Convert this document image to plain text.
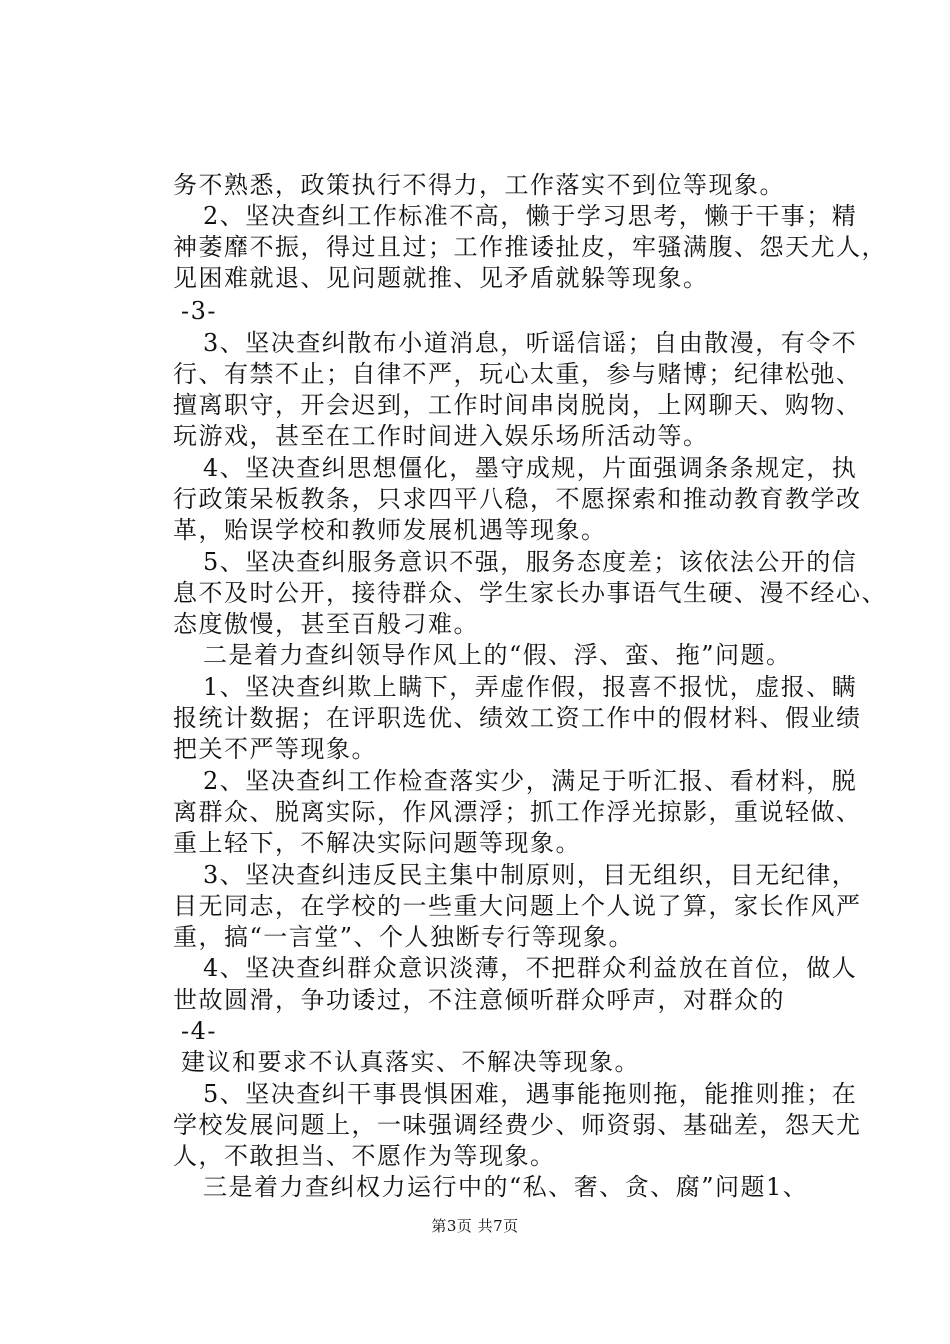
务不熟悉，政策执行不得力，工作落实不到位等现象。
2、坚决查纠工作标准不高，懒于学习思考，懒于干事；精
神萎靡不振，得过且过；工作推诿扯皮，牢骚满腹、怨天尤人，
见困难就退、见问题就推、见矛盾就躲等现象。
-3-
3、坚决查纠散布小道消息，听谣信谣；自由散漫，有令不
行、有禁不止；自律不严，玩心太重，参与赌博；纪律松弛、
擅离职守，开会迟到，工作时间串岗脱岗，上网聊天、购物、
玩游戏，甚至在工作时间进入娱乐场所活动等。
4、坚决查纠思想僵化，墨守成规，片面强调条条规定，执
行政策呆板教条，只求四平八稳，不愿探索和推动教育教学改
革，贻误学校和教师发展机遇等现象。
5、坚决查纠服务意识不强，服务态度差；该依法公开的信
息不及时公开，接待群众、学生家长办事语气生硬、漫不经心、
态度傲慢，甚至百般刁难。
二是着力查纠领导作风上的“假、浮、蛮、拖”问题。
1、坚决查纠欺上瞒下，弄虚作假，报喜不报忧，虚报、瞒
报统计数据；在评职选优、绩效工资工作中的假材料、假业绩
把关不严等现象。
2、坚决查纠工作检查落实少，满足于听汇报、看材料，脱
离群众、脱离实际，作风漂浮；抓工作浮光掠影，重说轻做、
重上轻下，不解决实际问题等现象。
3、坚决查纠违反民主集中制原则，目无组织，目无纪律，
目无同志，在学校的一些重大问题上个人说了算，家长作风严
重，搞“一言堂”、个人独断专行等现象。
4、坚决查纠群众意识淡薄，不把群众利益放在首位，做人
世故圆滑，争功诿过，不注意倾听群众呼声，对群众的
-4-
建议和要求不认真落实、不解决等现象。
5、坚决查纠干事畏惧困难，遇事能拖则拖，能推则推；在
学校发展问题上，一味强调经费少、师资弱、基础差，怨天尤
人，不敢担当、不愿作为等现象。
三是着力查纠权力运行中的“私、奢、贪、腐”问题1、
第3页 共7页
